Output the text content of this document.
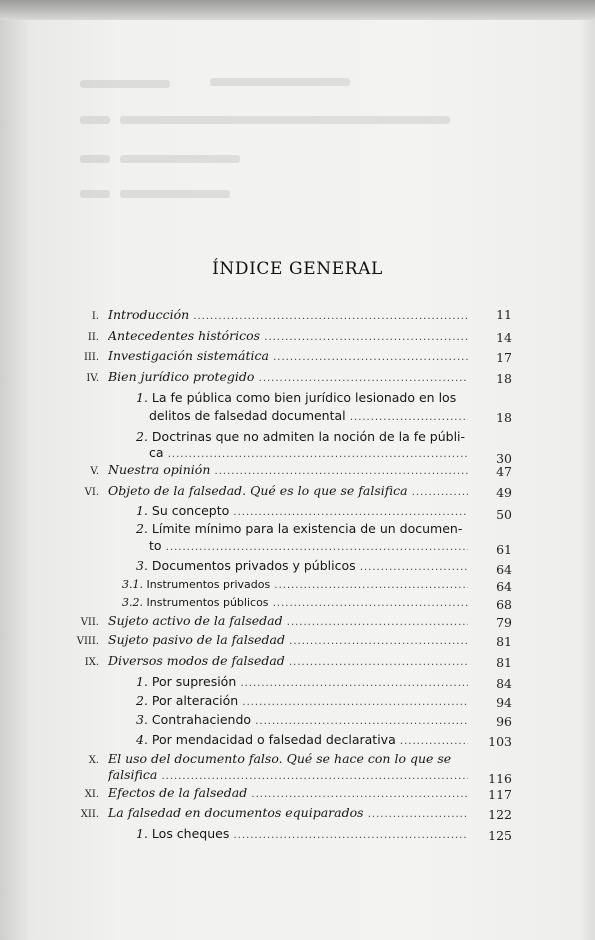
ÍNDICE GENERAL
I. Introducción .....	11
II. Antecedentes históricos .....	14
III. Investigación sistemática .....	17
IV. Bien jurídico protegido .....	18
1. La fe pública como bien jurídico lesionado en los
delitos de falsedad documental .....	18
2. Doctrinas que no admiten la noción de la fe públi-
ca .....	30
V. Nuestra opinión .....	47
VI. Objeto de la falsedad. Qué es lo que se falsifica .....	49
1. Su concepto .....	50
2. Límite mínimo para la existencia de un documen-
to .....	61
3. Documentos privados y públicos .....	64
3.1. Instrumentos privados .....	64
3.2. Instrumentos públicos .....	68
VII. Sujeto activo de la falsedad .....	79
VIII. Sujeto pasivo de la falsedad .....	81
IX. Diversos modos de falsedad .....	81
1. Por supresión .....	84
2. Por alteración .....	94
3. Contrahaciendo .....	96
4. Por mendacidad o falsedad declarativa .....	103
X. El uso del documento falso. Qué se hace con lo que se
falsifica .....	116
XI. Efectos de la falsedad .....	117
XII. La falsedad en documentos equiparados .....	122
1. Los cheques .....	125
